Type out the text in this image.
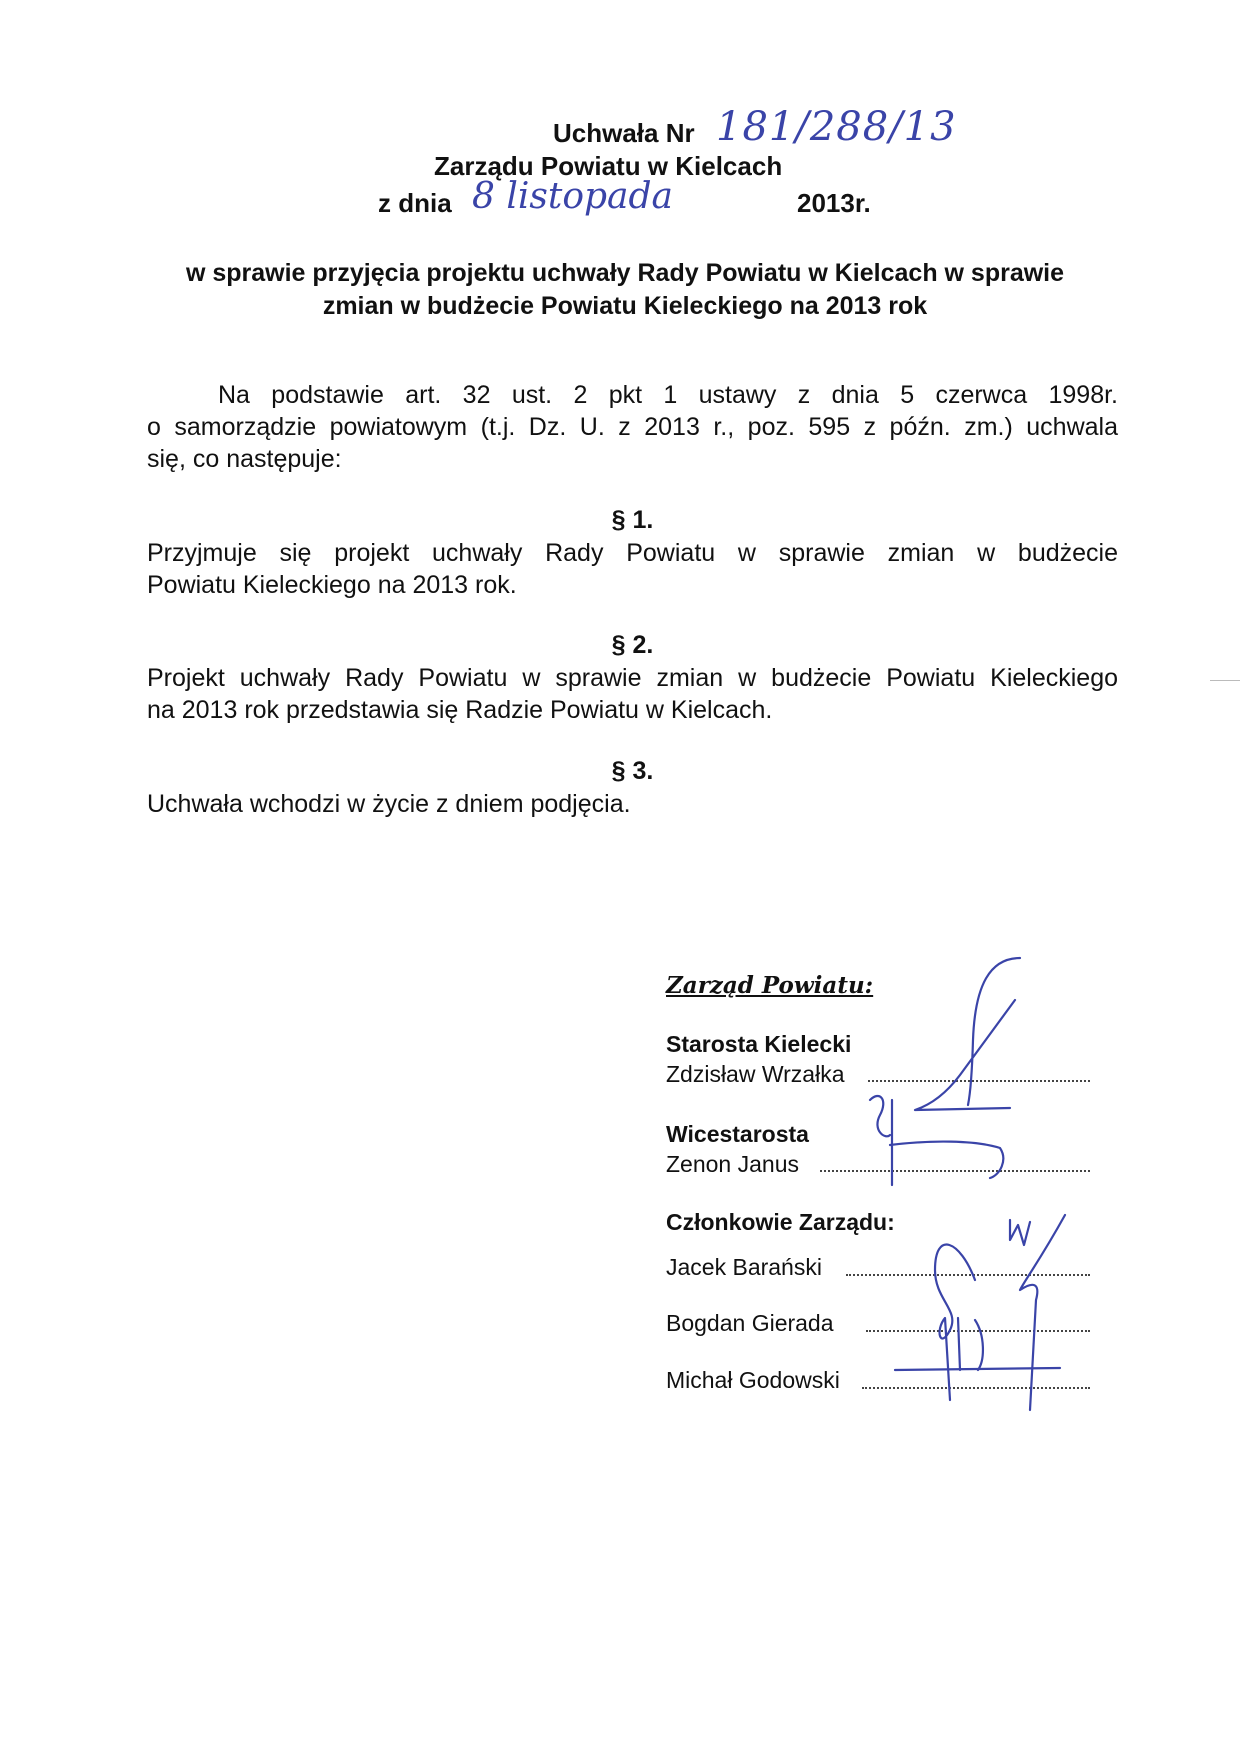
Uchwała Nr 181/288/13
Zarządu Powiatu w Kielcach
z dnia 8 listopada	2013r.
w sprawie przyjęcia projektu uchwały Rady Powiatu w Kielcach w sprawie
zmian w budżecie Powiatu Kieleckiego na 2013 rok
Na podstawie art. 32 ust. 2 pkt 1 ustawy z dnia 5 czerwca 1998r.
o samorządzie powiatowym (t.j. Dz. U. z 2013 r., poz. 595 z późn. zm.) uchwala
się, co następuje:
§ 1.
Przyjmuje się projekt uchwały Rady Powiatu w sprawie zmian w budżecie
Powiatu Kieleckiego na 2013 rok.
§ 2.
Projekt uchwały Rady Powiatu w sprawie zmian w budżecie Powiatu Kieleckiego
na 2013 rok przedstawia się Radzie Powiatu w Kielcach.
§ 3.
Uchwała wchodzi w życie z dniem podjęcia.
Zarząd Powiatu:
Starosta Kielecki
Zdzisław Wrzałka
Wicestarosta
Zenon Janus
Członkowie Zarządu:
Jacek Barański
Bogdan Gierada
Michał Godowski
